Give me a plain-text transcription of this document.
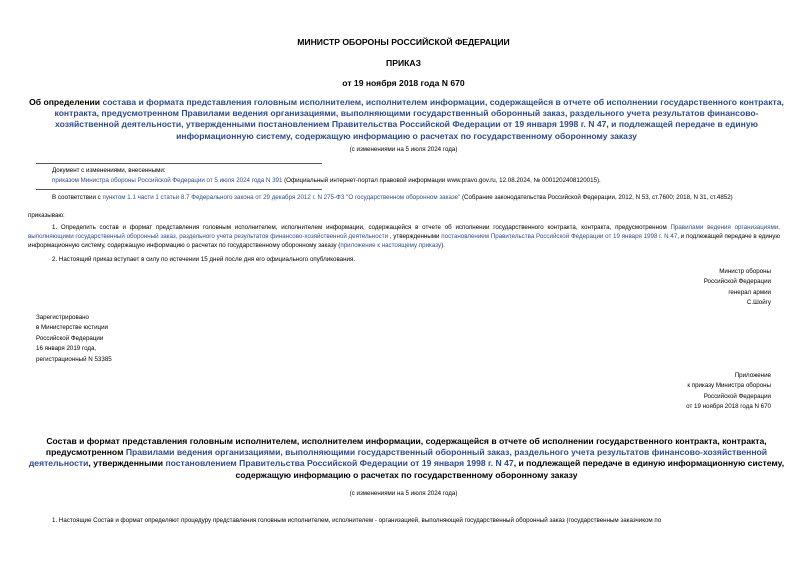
МИНИСТР ОБОРОНЫ РОССИЙСКОЙ ФЕДЕРАЦИИ
ПРИКАЗ
от 19 ноября 2018 года N 670
Об определении состава и формата представления головным исполнителем, исполнителем информации, содержащейся в отчете об исполнении государственного контракта, контракта, предусмотренном Правилами ведения организациями, выполняющими государственный оборонный заказ, раздельного учета результатов финансово-хозяйственной деятельности, утвержденными постановлением Правительства Российской Федерации от 19 января 1998 г. N 47, и подлежащей передаче в единую информационную систему, содержащую информацию о расчетах по государственному оборонному заказу
(с изменениями на 5 июля 2024 года)
Документ с изменениями, внесенными:
приказом Министра обороны Российской Федерации от 5 июля 2024 года N 391 (Официальный интернет-портал правовой информации www.pravo.gov.ru, 12.08.2024, № 0001202408120015).
В соответствии с пунктом 1.1 части 1 статьи 8.7 Федерального закона от 29 декабря 2012 г. N 275-ФЗ "О государственном оборонном заказе" (Собрание законодательства Российской Федерации, 2012, N 53, ст.7600; 2018, N 31, ст.4852)
приказываю:
1. Определить состав и формат представления головным исполнителем, исполнителем информации, содержащейся в отчете об исполнении государственного контракта, контракта, предусмотренном Правилами ведения организациями, выполняющими государственный оборонный заказ, раздельного учета результатов финансово-хозяйственной деятельности , утвержденными постановлением Правительства Российской Федерации от 19 января 1998 г. N 47, и подлежащей передаче в единую информационную систему, содержащую информацию о расчетах по государственному оборонному заказу (приложение к настоящему приказу).
2. Настоящий приказ вступает в силу по истечении 15 дней после дня его официального опубликования.
Министр обороны
Российской Федерации
генерал армии
С.Шойгу
Зарегистрировано
в Министерстве юстиции
Российской Федерации
16 января 2019 года,
регистрационный N 53385
Приложение
к приказу Министра обороны
Российской Федерации
от 19 ноября 2018 года N 670
Состав и формат представления головным исполнителем, исполнителем информации, содержащейся в отчете об исполнении государственного контракта, контракта, предусмотренном Правилами ведения организациями, выполняющими государственный оборонный заказ, раздельного учета результатов финансово-хозяйственной деятельности, утвержденными постановлением Правительства Российской Федерации от 19 января 1998 г. N 47, и подлежащей передаче в единую информационную систему, содержащую информацию о расчетах по государственному оборонному заказу
(с изменениями на 5 июля 2024 года)
1. Настоящие Состав и формат определяют процедуру представления головным исполнителем, исполнителем - организацией, выполняющей государственный оборонный заказ (государственным заказчиком по
